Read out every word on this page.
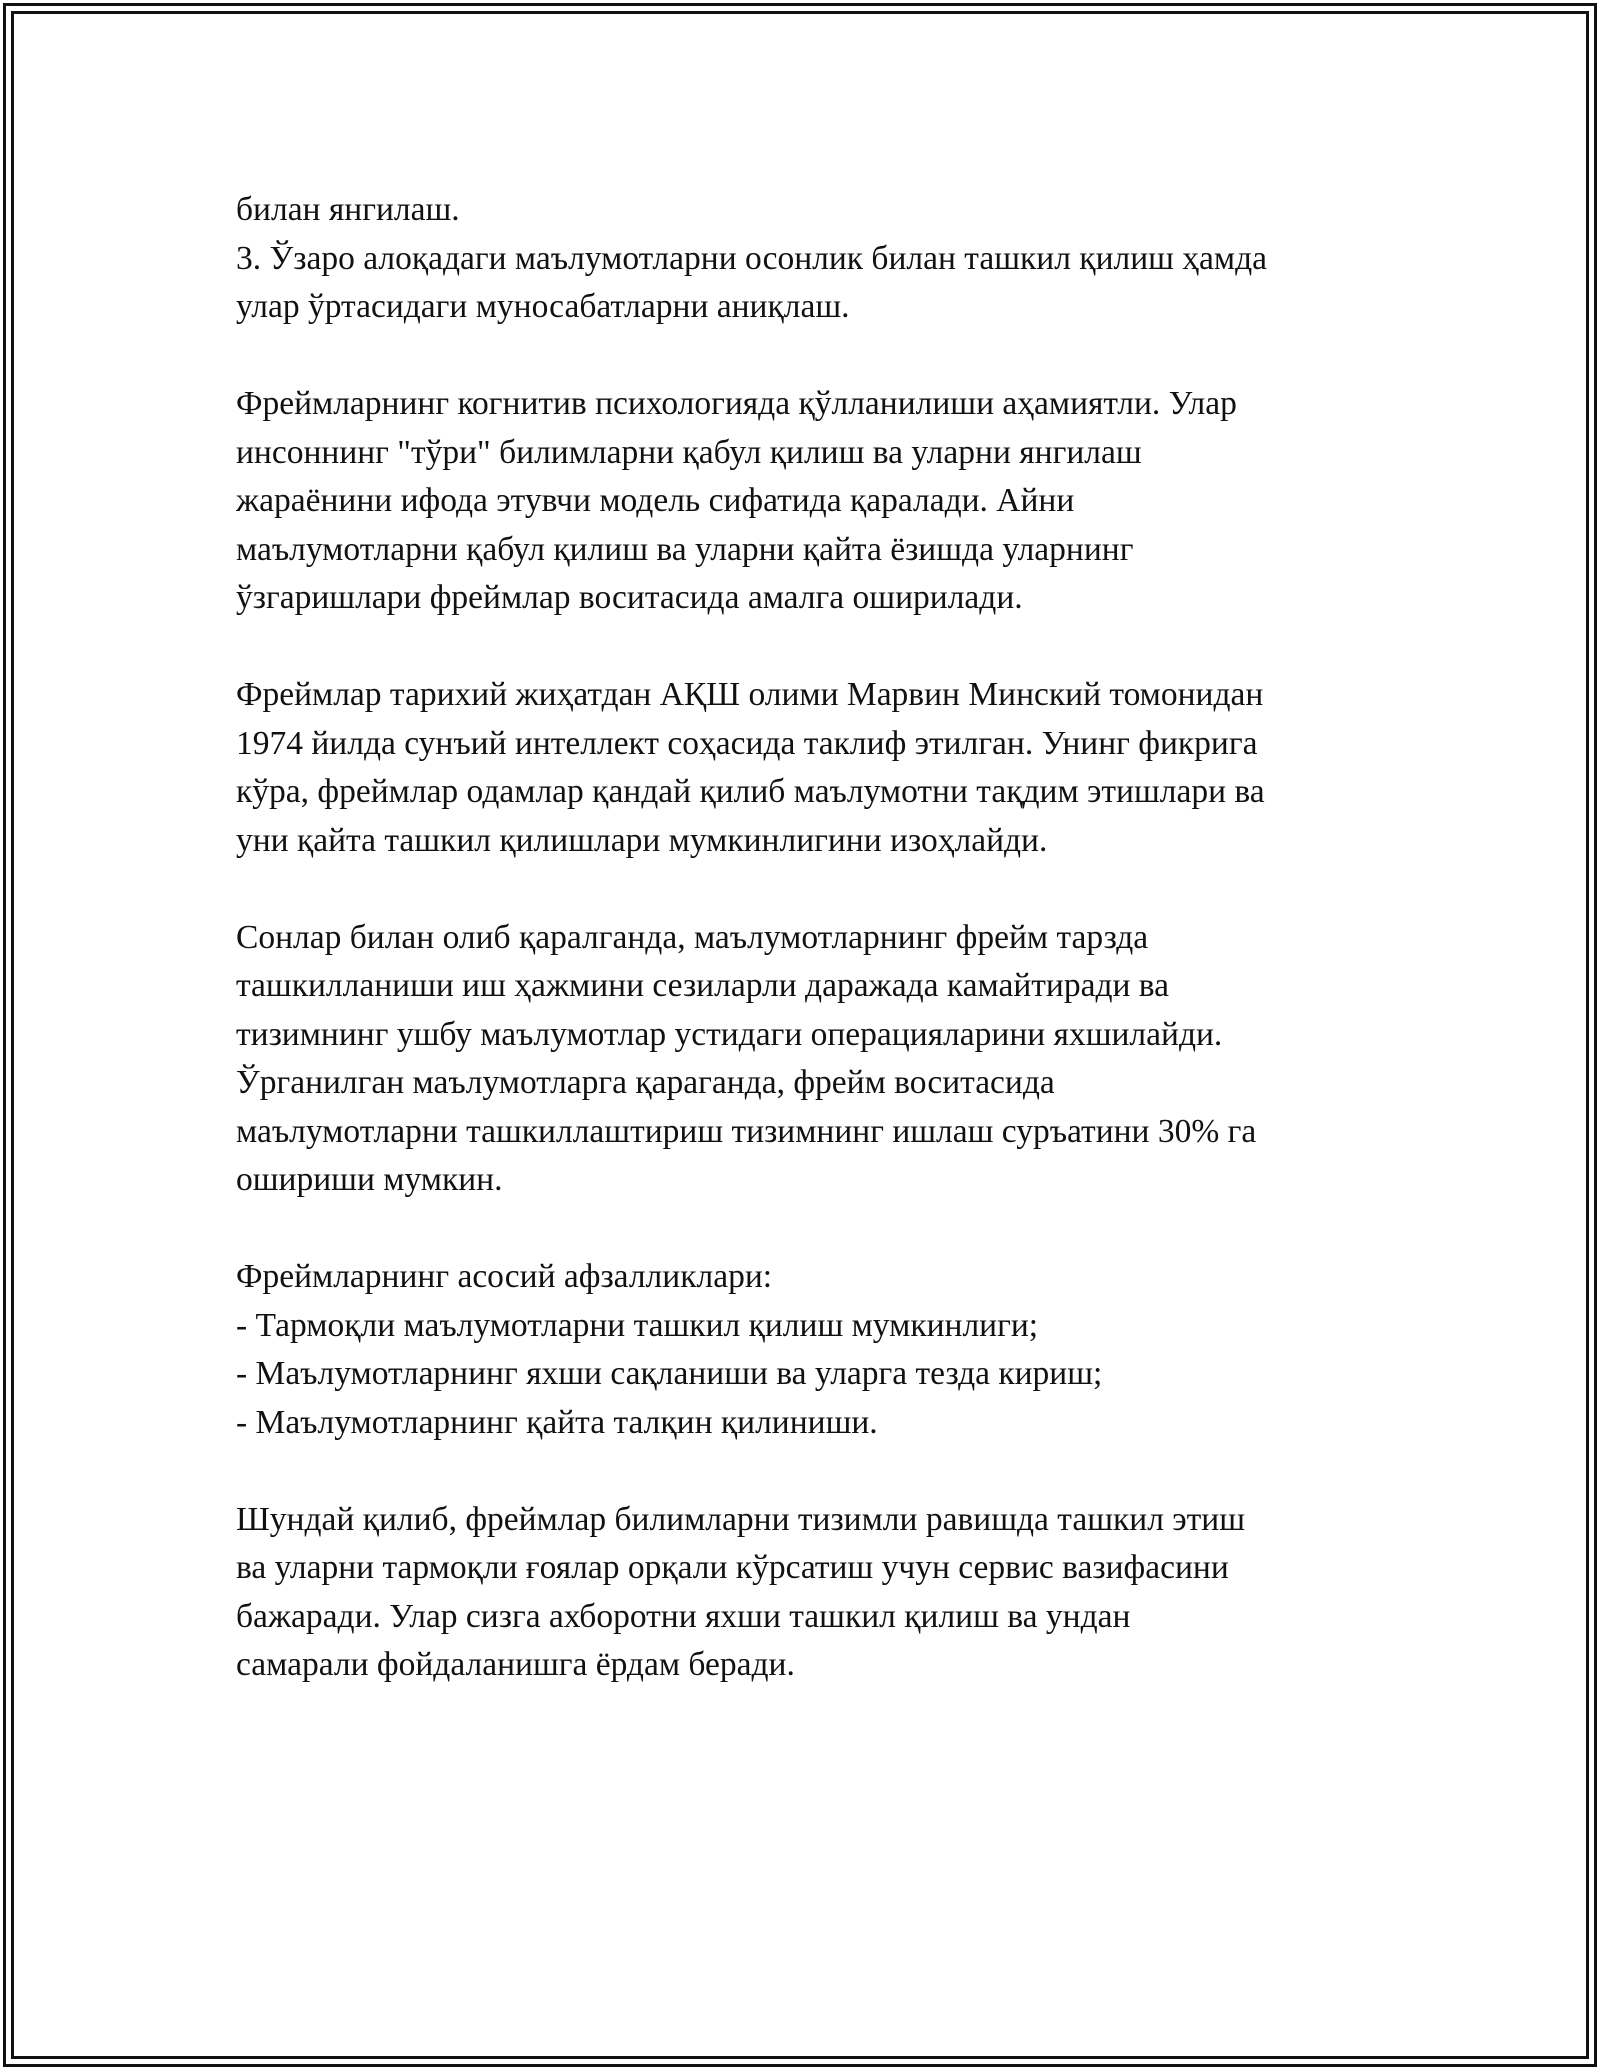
билан янгилаш.
3. Ўзаро алоқадаги маълумотларни осонлик билан ташкил қилиш ҳамда
улар ўртасидаги муносабатларни аниқлаш.
Фреймларнинг когнитив психологияда қўлланилиши аҳамиятли. Улар
инсоннинг "тўри" билимларни қабул қилиш ва уларни янгилаш
жараёнини ифода этувчи модель сифатида қаралади. Айни
маълумотларни қабул қилиш ва уларни қайта ёзишда уларнинг
ўзгаришлари фреймлар воситасида амалга оширилади.
Фреймлар тарихий жиҳатдан АҚШ олими Марвин Минский томонидан
1974 йилда сунъий интеллект соҳасида таклиф этилган. Унинг фикрига
кўра, фреймлар одамлар қандай қилиб маълумотни тақдим этишлари ва
уни қайта ташкил қилишлари мумкинлигини изоҳлайди.
Сонлар билан олиб қаралганда, маълумотларнинг фрейм тарзда
ташкилланиши иш ҳажмини сезиларли даражада камайтиради ва
тизимнинг ушбу маълумотлар устидаги операцияларини яхшилайди.
Ўрганилган маълумотларга қараганда, фрейм воситасида
маълумотларни ташкиллаштириш тизимнинг ишлаш суръатини 30% га
ошириши мумкин.
Фреймларнинг асосий афзалликлари:
- Тармоқли маълумотларни ташкил қилиш мумкинлиги;
- Маълумотларнинг яхши сақланиши ва уларга тезда кириш;
- Маълумотларнинг қайта талқин қилиниши.
Шундай қилиб, фреймлар билимларни тизимли равишда ташкил этиш
ва уларни тармоқли ғоялар орқали кўрсатиш учун сервис вазифасини
бажаради. Улар сизга ахборотни яхши ташкил қилиш ва ундан
самарали фойдаланишга ёрдам беради.
